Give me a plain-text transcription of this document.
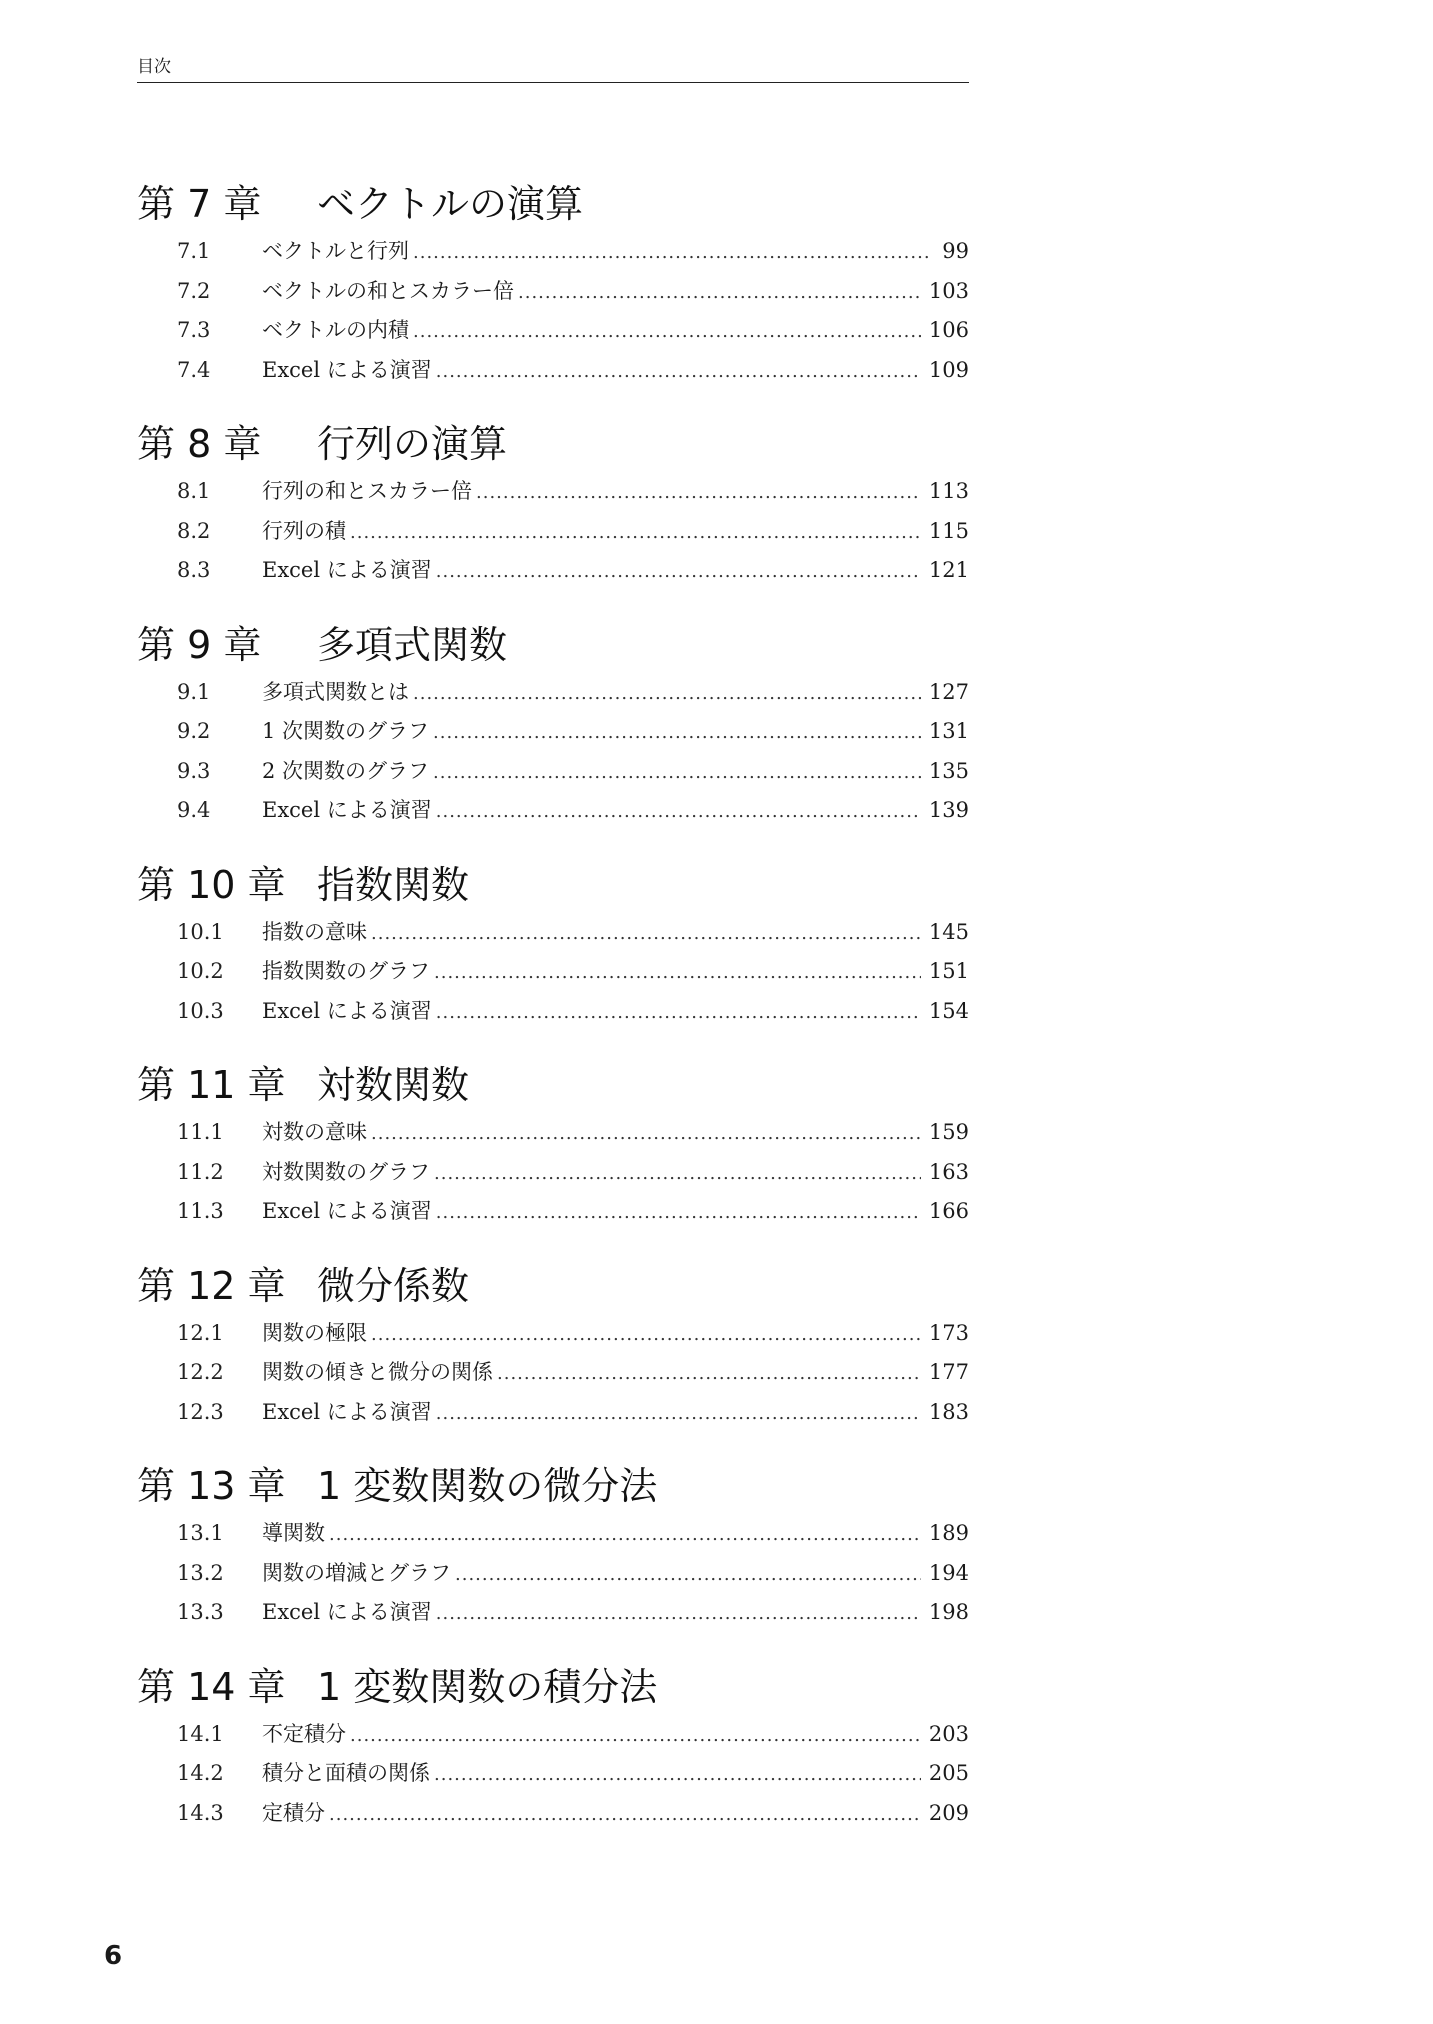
目次
第 7 章	ベクトルの演算
7.1	ベクトルと行列 .....	99
7.2	ベクトルの和とスカラー倍 .....	103
7.3	ベクトルの内積 .....	106
7.4	Excel による演習 .....	109
第 8 章	行列の演算
8.1	行列の和とスカラー倍 .....	113
8.2	行列の積 .....	115
8.3	Excel による演習 .....	121
第 9 章	多項式関数
9.1	多項式関数とは .....	127
9.2	1 次関数のグラフ .....	131
9.3	2 次関数のグラフ .....	135
9.4	Excel による演習 .....	139
第 10 章 指数関数
10.1	指数の意味 .....	145
10.2	指数関数のグラフ .....	151
10.3	Excel による演習 .....	154
第 11 章 対数関数
11.1	対数の意味 .....	159
11.2	対数関数のグラフ .....	163
11.3	Excel による演習 .....	166
第 12 章 微分係数
12.1	関数の極限 .....	173
12.2	関数の傾きと微分の関係 .....	177
12.3	Excel による演習 .....	183
第 13 章 1 変数関数の微分法
13.1	導関数 .....	189
13.2	関数の増減とグラフ .....	194
13.3	Excel による演習 .....	198
第 14 章 1 変数関数の積分法
14.1	不定積分 .....	203
14.2	積分と面積の関係 .....	205
14.3	定積分 .....	209
6
